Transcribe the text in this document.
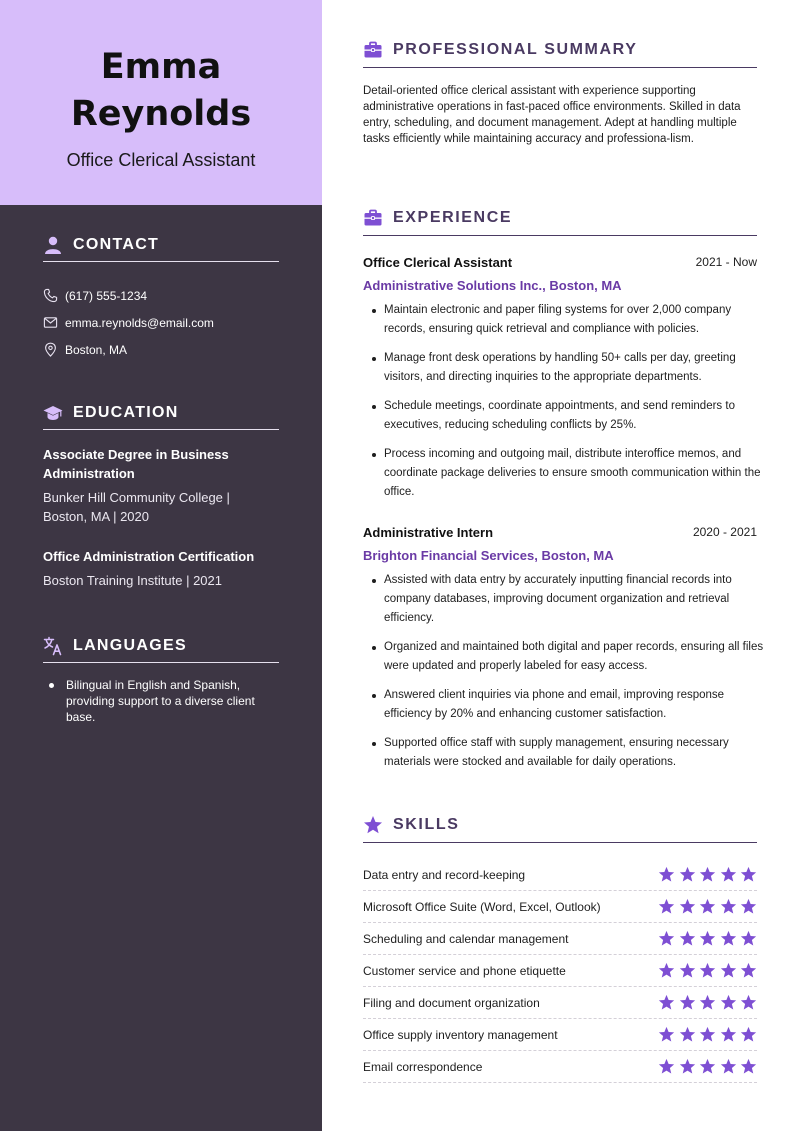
Emma
Reynolds
Office Clerical Assistant
CONTACT
(617) 555-1234
emma.reynolds@email.com
Boston, MA
EDUCATION
Associate Degree in Business
Administration
Bunker Hill Community College |
Boston, MA | 2020
Office Administration Certification
Boston Training Institute | 2021
LANGUAGES
Bilingual in English and Spanish, providing support to a diverse client base.
PROFESSIONAL SUMMARY

Detail-oriented office clerical assistant with experience supporting administrative operations in fast-paced office environments. Skilled in data entry, scheduling, and document management. Adept at handling multiple tasks efficiently while maintaining accuracy and professiona-lism.

EXPERIENCE
Office Clerical Assistant	2021 - Now
Administrative Solutions Inc., Boston, MA
Maintain electronic and paper filing systems for over 2,000 company records, ensuring quick retrieval and compliance with policies.
Manage front desk operations by handling 50+ calls per day, greeting visitors, and directing inquiries to the appropriate departments.
Schedule meetings, coordinate appointments, and send reminders to executives, reducing scheduling conflicts by 25%.
Process incoming and outgoing mail, distribute interoffice memos, and coordinate package deliveries to ensure smooth communication within the office.
Administrative Intern	2020 - 2021
Brighton Financial Services, Boston, MA
Assisted with data entry by accurately inputting financial records into company databases, improving document organization and retrieval efficiency.
Organized and maintained both digital and paper records, ensuring all files were updated and properly labeled for easy access.
Answered client inquiries via phone and email, improving response efficiency by 20% and enhancing customer satisfaction.
Supported office staff with supply management, ensuring necessary materials were stocked and available for daily operations.
SKILLS
Data entry and record-keeping
Microsoft Office Suite (Word, Excel, Outlook)
Scheduling and calendar management
Customer service and phone etiquette
Filing and document organization
Office supply inventory management
Email correspondence
